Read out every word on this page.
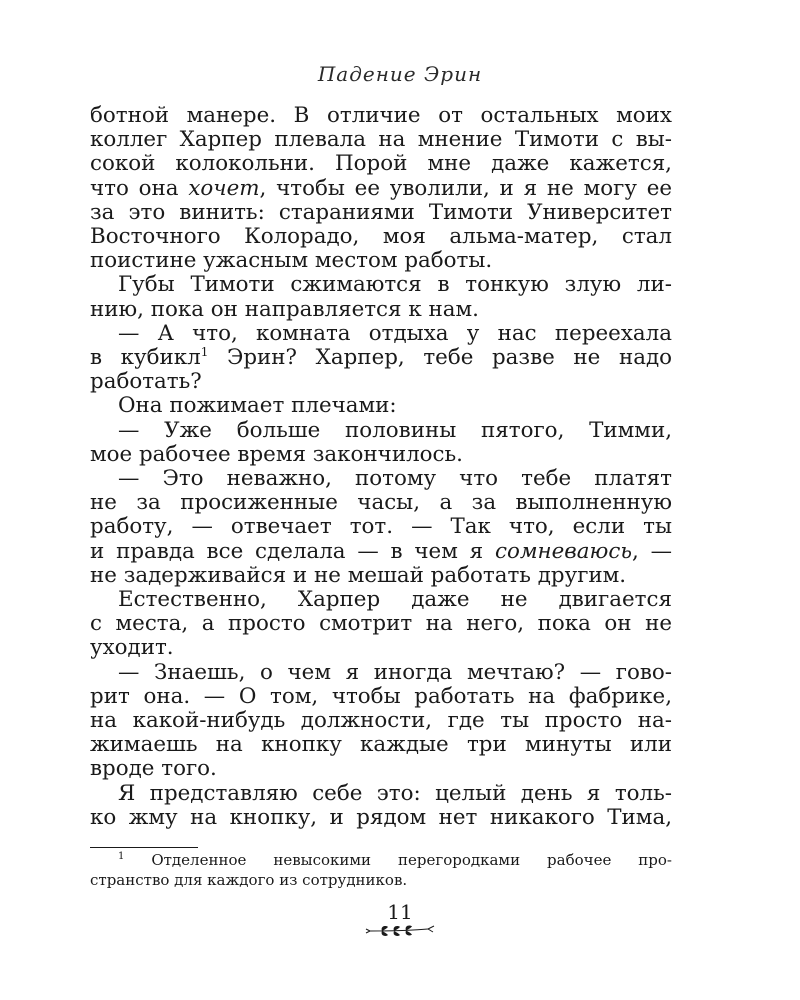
Падение Эрин
ботной манере. В отличие от остальных моих
коллег Харпер плевала на мнение Тимоти с вы-
сокой колокольни. Порой мне даже кажется,
что она хочет, чтобы ее уволили, и я не могу ее
за это винить: стараниями Тимоти Университет
Восточного Колорадо, моя альма-матер, стал
поистине ужасным местом работы.
Губы Тимоти сжимаются в тонкую злую ли-
нию, пока он направляется к нам.
— А что, комната отдыха у нас переехала
в кубикл$^1$ Эрин? Харпер, тебе разве не надо
работать?
Она пожимает плечами:
— Уже больше половины пятого, Тимми,
мое рабочее время закончилось.
— Это неважно, потому что тебе платят
не за просиженные часы, а за выполненную
работу, — отвечает тот. — Так что, если ты
и правда все сделала — в чем я сомневаюсь, —
не задерживайся и не мешай работать другим.
Естественно, Харпер даже не двигается
с места, а просто смотрит на него, пока он не
уходит.
— Знаешь, о чем я иногда мечтаю? — гово-
рит она. — О том, чтобы работать на фабрике,
на какой-нибудь должности, где ты просто на-
жимаешь на кнопку каждые три минуты или
вроде того.
Я представляю себе это: целый день я толь-
ко жму на кнопку, и рядом нет никакого Тима,
$^1$ Отделенное невысокими перегородками рабочее про-
странство для каждого из сотрудников.
11
